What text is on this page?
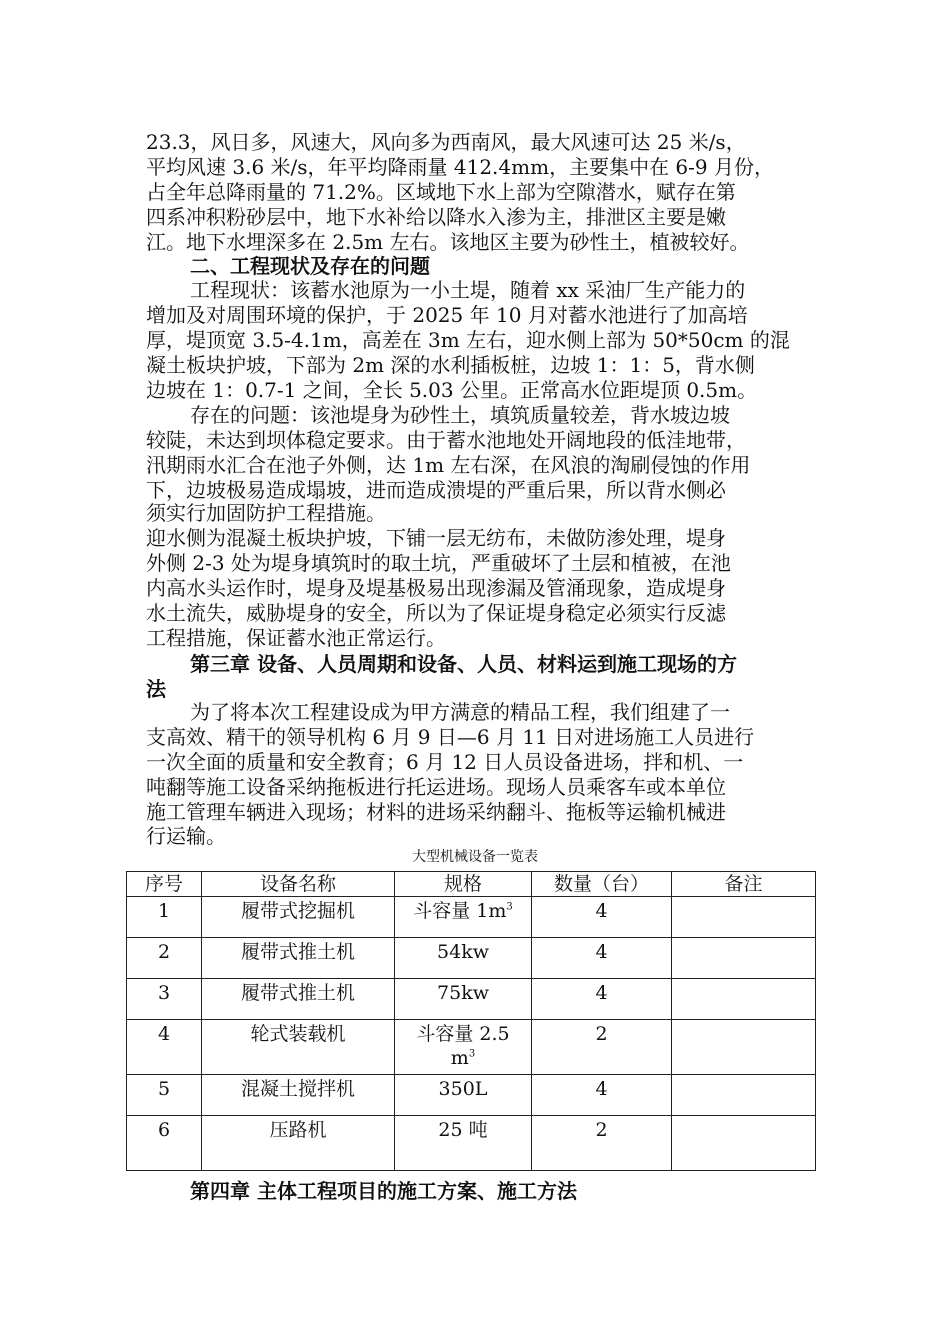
23.3，风日多，风速大，风向多为西南风，最大风速可达 25 米/s，
平均风速 3.6 米/s，年平均降雨量 412.4mm，主要集中在 6-9 月份，
占全年总降雨量的 71.2%。区域地下水上部为空隙潜水，赋存在第
四系冲积粉砂层中，地下水补给以降水入渗为主，排泄区主要是嫩
江。地下水埋深多在 2.5m 左右。该地区主要为砂性土，植被较好。
二、工程现状及存在的问题
工程现状：该蓄水池原为一小土堤，随着 xx 采油厂生产能力的
增加及对周围环境的保护，于 2025 年 10 月对蓄水池进行了加高培
厚，堤顶宽 3.5-4.1m，高差在 3m 左右，迎水侧上部为 50*50cm 的混
凝土板块护坡，下部为 2m 深的水利插板桩，边坡 1：1：5，背水侧
边坡在 1：0.7-1 之间，全长 5.03 公里。正常高水位距堤顶 0.5m。
存在的问题：该池堤身为砂性土，填筑质量较差，背水坡边坡
较陡，未达到坝体稳定要求。由于蓄水池地处开阔地段的低洼地带，
汛期雨水汇合在池子外侧，达 1m 左右深，在风浪的淘刷侵蚀的作用
下，边坡极易造成塌坡，进而造成溃堤的严重后果，所以背水侧必
须实行加固防护工程措施。
迎水侧为混凝土板块护坡，下铺一层无纺布，未做防渗处理，堤身
外侧 2-3 处为堤身填筑时的取土坑，严重破坏了土层和植被，在池
内高水头运作时，堤身及堤基极易出现渗漏及管涌现象，造成堤身
水土流失，威胁堤身的安全，所以为了保证堤身稳定必须实行反滤
工程措施，保证蓄水池正常运行。
第三章 设备、人员周期和设备、人员、材料运到施工现场的方
法
为了将本次工程建设成为甲方满意的精品工程，我们组建了一
支高效、精干的领导机构 6 月 9 日—6 月 11 日对进场施工人员进行
一次全面的质量和安全教育；6 月 12 日人员设备进场，拌和机、一
吨翻等施工设备采纳拖板进行托运进场。现场人员乘客车或本单位
施工管理车辆进入现场；材料的进场采纳翻斗、拖板等运输机械进
行运输。
大型机械设备一览表
序号	设备名称	规格	数量（台）	备注
1	履带式挖掘机	斗容量 $1m^3$	4	
2	履带式推土机	54kw	4	
3	履带式推土机	75kw	4	
4	轮式装载机	斗容量 2.5
$m^3$	2	
5	混凝土搅拌机	350L	4	
6	压路机	25 吨	2	
第四章 主体工程项目的施工方案、施工方法
